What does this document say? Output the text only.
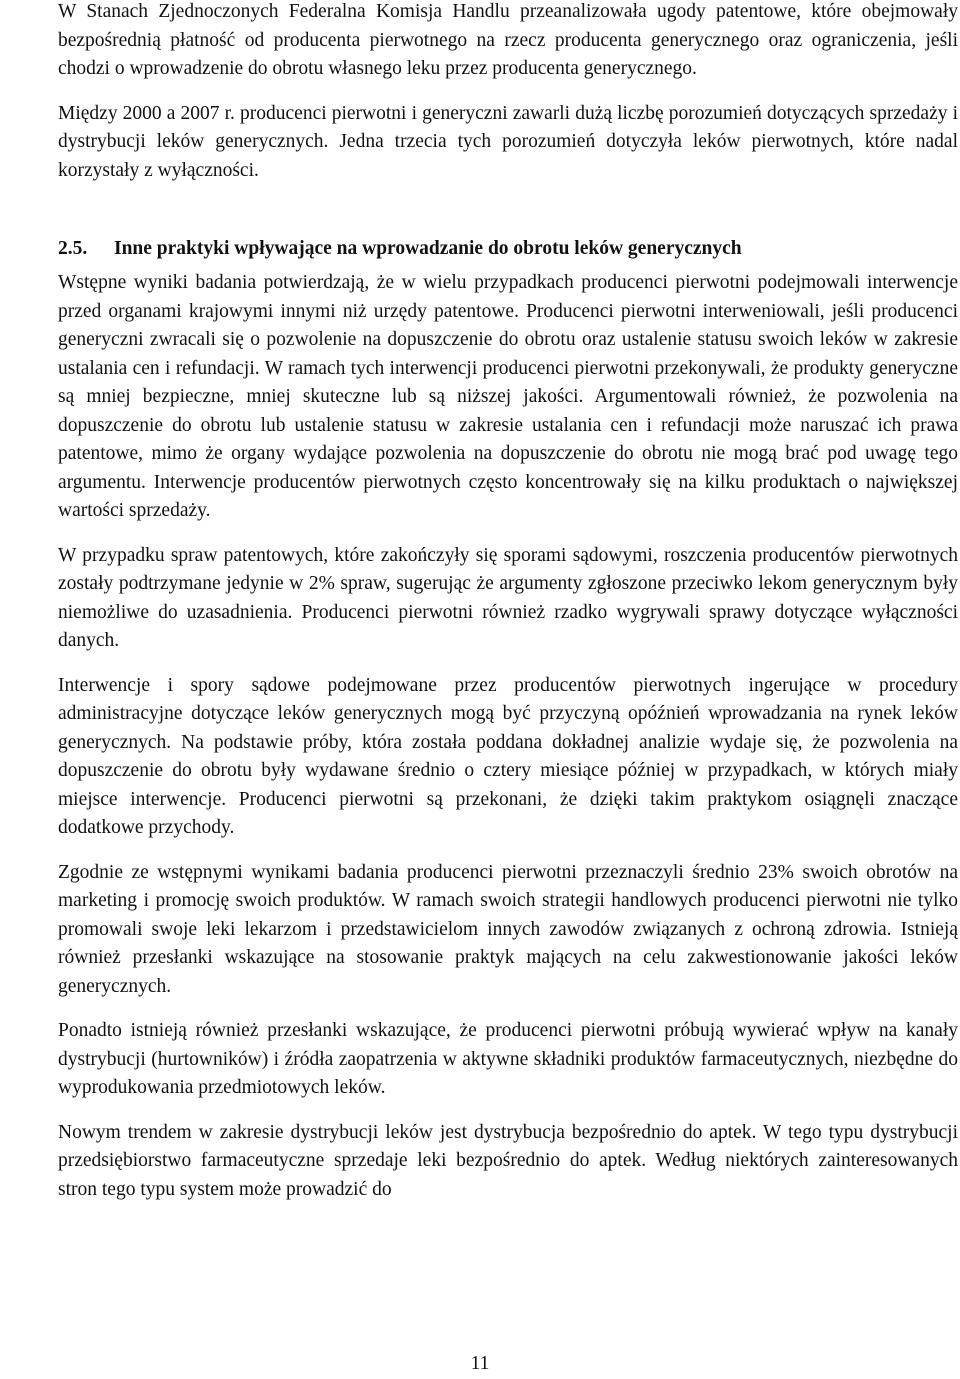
W Stanach Zjednoczonych Federalna Komisja Handlu przeanalizowała ugody patentowe, które obejmowały bezpośrednią płatność od producenta pierwotnego na rzecz producenta generycznego oraz ograniczenia, jeśli chodzi o wprowadzenie do obrotu własnego leku przez producenta generycznego.

Między 2000 a 2007 r. producenci pierwotni i generyczni zawarli dużą liczbę porozumień dotyczących sprzedaży i dystrybucji leków generycznych. Jedna trzecia tych porozumień dotyczyła leków pierwotnych, które nadal korzystały z wyłączności.

2.5. Inne praktyki wpływające na wprowadzanie do obrotu leków generycznych

Wstępne wyniki badania potwierdzają, że w wielu przypadkach producenci pierwotni podejmowali interwencje przed organami krajowymi innymi niż urzędy patentowe. Producenci pierwotni interweniowali, jeśli producenci generyczni zwracali się o pozwolenie na dopuszczenie do obrotu oraz ustalenie statusu swoich leków w zakresie ustalania cen i refundacji. W ramach tych interwencji producenci pierwotni przekonywali, że produkty generyczne są mniej bezpieczne, mniej skuteczne lub są niższej jakości. Argumentowali również, że pozwolenia na dopuszczenie do obrotu lub ustalenie statusu w zakresie ustalania cen i refundacji może naruszać ich prawa patentowe, mimo że organy wydające pozwolenia na dopuszczenie do obrotu nie mogą brać pod uwagę tego argumentu. Interwencje producentów pierwotnych często koncentrowały się na kilku produktach o największej wartości sprzedaży.

W przypadku spraw patentowych, które zakończyły się sporami sądowymi, roszczenia producentów pierwotnych zostały podtrzymane jedynie w 2% spraw, sugerując że argumenty zgłoszone przeciwko lekom generycznym były niemożliwe do uzasadnienia. Producenci pierwotni również rzadko wygrywali sprawy dotyczące wyłączności danych.

Interwencje i spory sądowe podejmowane przez producentów pierwotnych ingerujące w procedury administracyjne dotyczące leków generycznych mogą być przyczyną opóźnień wprowadzania na rynek leków generycznych. Na podstawie próby, która została poddana dokładnej analizie wydaje się, że pozwolenia na dopuszczenie do obrotu były wydawane średnio o cztery miesiące później w przypadkach, w których miały miejsce interwencje. Producenci pierwotni są przekonani, że dzięki takim praktykom osiągnęli znaczące dodatkowe przychody.

Zgodnie ze wstępnymi wynikami badania producenci pierwotni przeznaczyli średnio 23% swoich obrotów na marketing i promocję swoich produktów. W ramach swoich strategii handlowych producenci pierwotni nie tylko promowali swoje leki lekarzom i przedstawicielom innych zawodów związanych z ochroną zdrowia. Istnieją również przesłanki wskazujące na stosowanie praktyk mających na celu zakwestionowanie jakości leków generycznych.

Ponadto istnieją również przesłanki wskazujące, że producenci pierwotni próbują wywierać wpływ na kanały dystrybucji (hurtowników) i źródła zaopatrzenia w aktywne składniki produktów farmaceutycznych, niezbędne do wyprodukowania przedmiotowych leków.

Nowym trendem w zakresie dystrybucji leków jest dystrybucja bezpośrednio do aptek. W tego typu dystrybucji przedsiębiorstwo farmaceutyczne sprzedaje leki bezpośrednio do aptek. Według niektórych zainteresowanych stron tego typu system może prowadzić do

11
